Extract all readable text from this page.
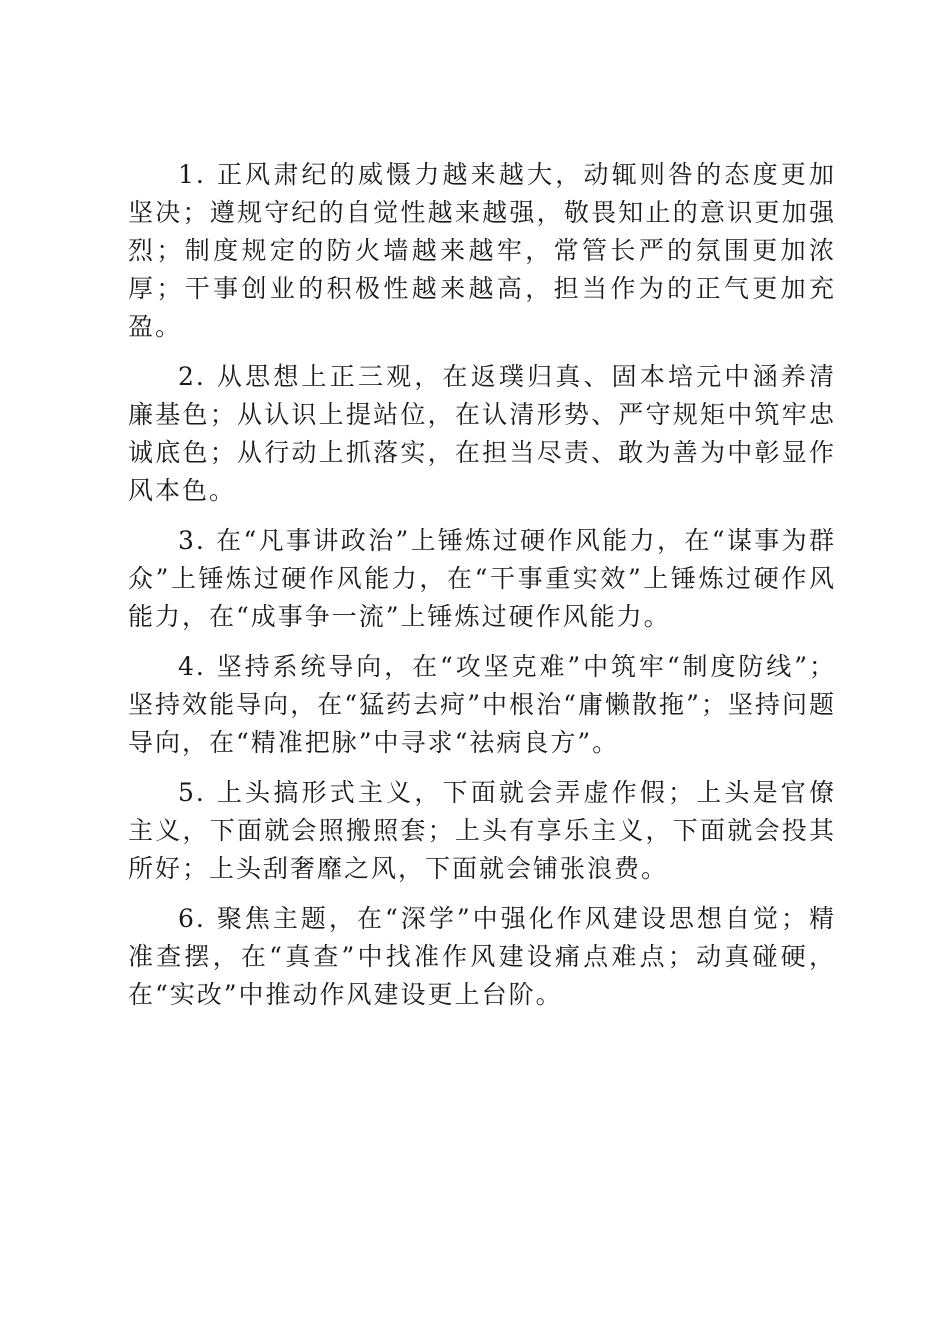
1. 正风肃纪的威慑力越来越大，动辄则咎的态度更加坚决；遵规守纪的自觉性越来越强，敬畏知止的意识更加强烈；制度规定的防火墙越来越牢，常管长严的氛围更加浓厚；干事创业的积极性越来越高，担当作为的正气更加充盈。

2. 从思想上正三观，在返璞归真、固本培元中涵养清廉基色；从认识上提站位，在认清形势、严守规矩中筑牢忠诚底色；从行动上抓落实，在担当尽责、敢为善为中彰显作风本色。

3. 在“凡事讲政治”上锤炼过硬作风能力，在“谋事为群众”上锤炼过硬作风能力，在“干事重实效”上锤炼过硬作风能力，在“成事争一流”上锤炼过硬作风能力。

4. 坚持系统导向，在“攻坚克难”中筑牢“制度防线”；坚持效能导向，在“猛药去疴”中根治“庸懒散拖”；坚持问题导向，在“精准把脉”中寻求“祛病良方”。

5. 上头搞形式主义，下面就会弄虚作假；上头是官僚主义，下面就会照搬照套；上头有享乐主义，下面就会投其所好；上头刮奢靡之风，下面就会铺张浪费。

6. 聚焦主题，在“深学”中强化作风建设思想自觉；精准查摆，在“真查”中找准作风建设痛点难点；动真碰硬，在“实改”中推动作风建设更上台阶。
